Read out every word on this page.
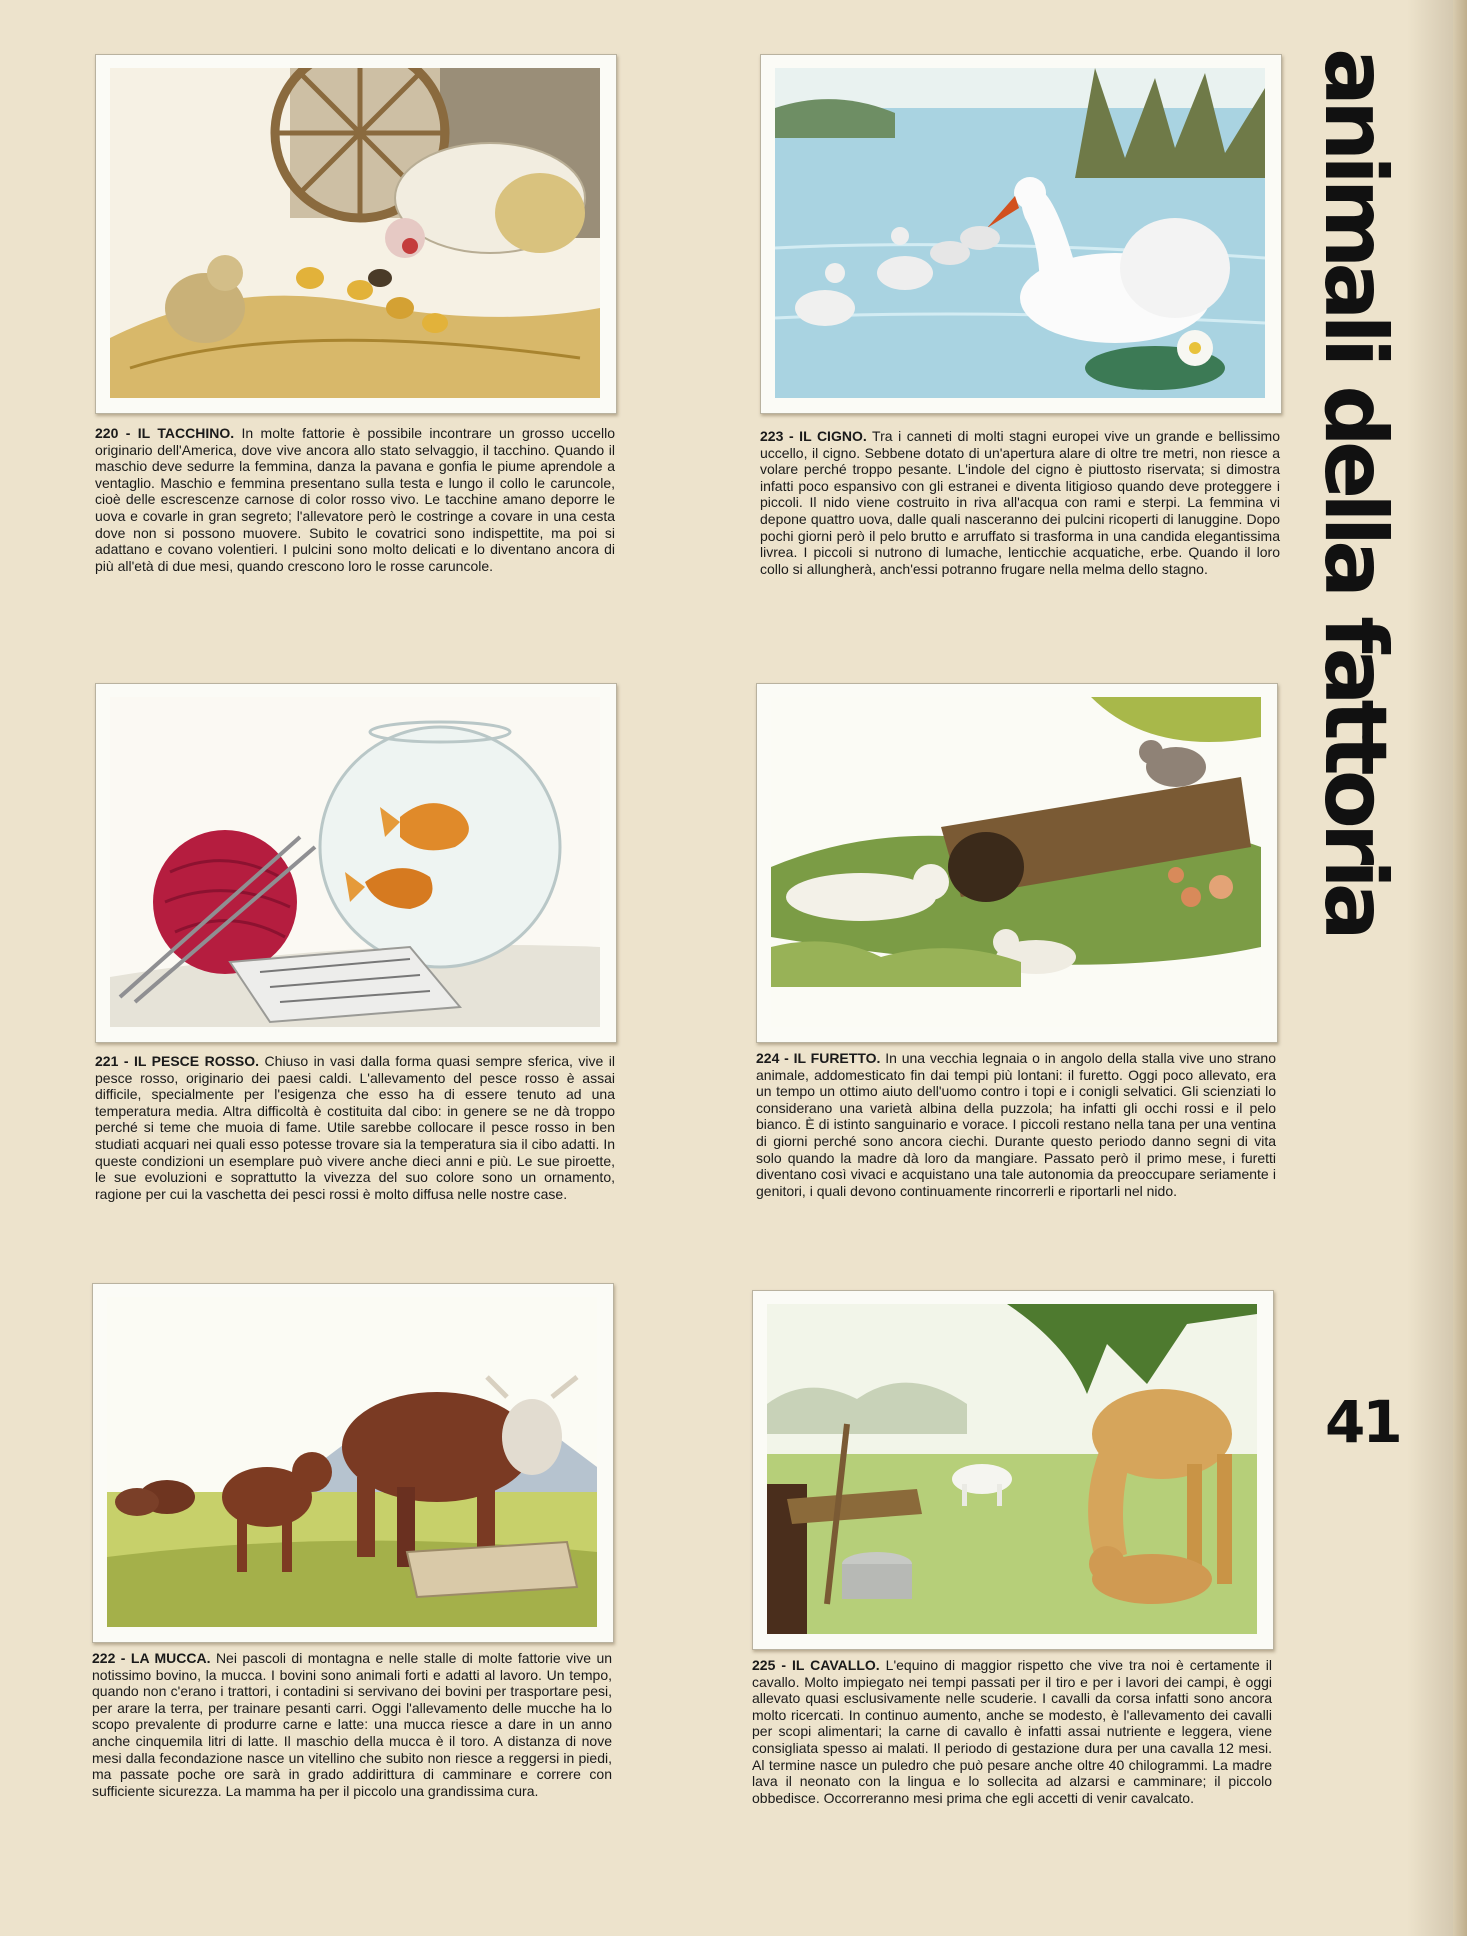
animali della fattoria
220 - IL TACCHINO. In molte fattorie è possibile incontrare un grosso uccello originario dell'America, dove vive ancora allo stato selvaggio, il tacchino. Quando il maschio deve sedurre la femmina, danza la pavana e gonfia le piume aprendole a ventaglio. Maschio e femmina presentano sulla testa e lungo il collo le caruncole, cioè delle escrescenze carnose di color rosso vivo. Le tacchine amano deporre le uova e covarle in gran segreto; l'allevatore però le costringe a covare in una cesta dove non si possono muovere. Subito le covatrici sono indispettite, ma poi si adattano e covano volentieri. I pulcini sono molto delicati e lo diventano ancora di più all'età di due mesi, quando crescono loro le rosse caruncole.
223 - IL CIGNO. Tra i canneti di molti stagni europei vive un grande e bellissimo uccello, il cigno. Sebbene dotato di un'apertura alare di oltre tre metri, non riesce a volare perché troppo pesante. L'indole del cigno è piuttosto riservata; si dimostra infatti poco espansivo con gli estranei e diventa litigioso quando deve proteggere i piccoli. Il nido viene costruito in riva all'acqua con rami e sterpi. La femmina vi depone quattro uova, dalle quali nasceranno dei pulcini ricoperti di lanuggine. Dopo pochi giorni però il pelo brutto e arruffato si trasforma in una candida elegantissima livrea. I piccoli si nutrono di lumache, lenticchie acquatiche, erbe. Quando il loro collo si allungherà, anch'essi potranno frugare nella melma dello stagno.
221 - IL PESCE ROSSO. Chiuso in vasi dalla forma quasi sempre sferica, vive il pesce rosso, originario dei paesi caldi. L'allevamento del pesce rosso è assai difficile, specialmente per l'esigenza che esso ha di essere tenuto ad una temperatura media. Altra difficoltà è costituita dal cibo: in genere se ne dà troppo perché si teme che muoia di fame. Utile sarebbe collocare il pesce rosso in ben studiati acquari nei quali esso potesse trovare sia la temperatura sia il cibo adatti. In queste condizioni un esemplare può vivere anche dieci anni e più. Le sue piroette, le sue evoluzioni e soprattutto la vivezza del suo colore sono un ornamento, ragione per cui la vaschetta dei pesci rossi è molto diffusa nelle nostre case.
224 - IL FURETTO. In una vecchia legnaia o in angolo della stalla vive uno strano animale, addomesticato fin dai tempi più lontani: il furetto. Oggi poco allevato, era un tempo un ottimo aiuto dell'uomo contro i topi e i conigli selvatici. Gli scienziati lo considerano una varietà albina della puzzola; ha infatti gli occhi rossi e il pelo bianco. È di istinto sanguinario e vorace. I piccoli restano nella tana per una ventina di giorni perché sono ancora ciechi. Durante questo periodo danno segni di vita solo quando la madre dà loro da mangiare. Passato però il primo mese, i furetti diventano così vivaci e acquistano una tale autonomia da preoccupare seriamente i genitori, i quali devono continuamente rincorrerli e riportarli nel nido.
222 - LA MUCCA. Nei pascoli di montagna e nelle stalle di molte fattorie vive un notissimo bovino, la mucca. I bovini sono animali forti e adatti al lavoro. Un tempo, quando non c'erano i trattori, i contadini si servivano dei bovini per trasportare pesi, per arare la terra, per trainare pesanti carri. Oggi l'allevamento delle mucche ha lo scopo prevalente di produrre carne e latte: una mucca riesce a dare in un anno anche cinquemila litri di latte. Il maschio della mucca è il toro. A distanza di nove mesi dalla fecondazione nasce un vitellino che subito non riesce a reggersi in piedi, ma passate poche ore sarà in grado addirittura di camminare e correre con sufficiente sicurezza. La mamma ha per il piccolo una grandissima cura.
225 - IL CAVALLO. L'equino di maggior rispetto che vive tra noi è certamente il cavallo. Molto impiegato nei tempi passati per il tiro e per i lavori dei campi, è oggi allevato quasi esclusivamente nelle scuderie. I cavalli da corsa infatti sono ancora molto ricercati. In continuo aumento, anche se modesto, è l'allevamento dei cavalli per scopi alimentari; la carne di cavallo è infatti assai nutriente e leggera, viene consigliata spesso ai malati. Il periodo di gestazione dura per una cavalla 12 mesi. Al termine nasce un puledro che può pesare anche oltre 40 chilogrammi. La madre lava il neonato con la lingua e lo sollecita ad alzarsi e camminare; il piccolo obbedisce. Occorreranno mesi prima che egli accetti di venir cavalcato.
41
